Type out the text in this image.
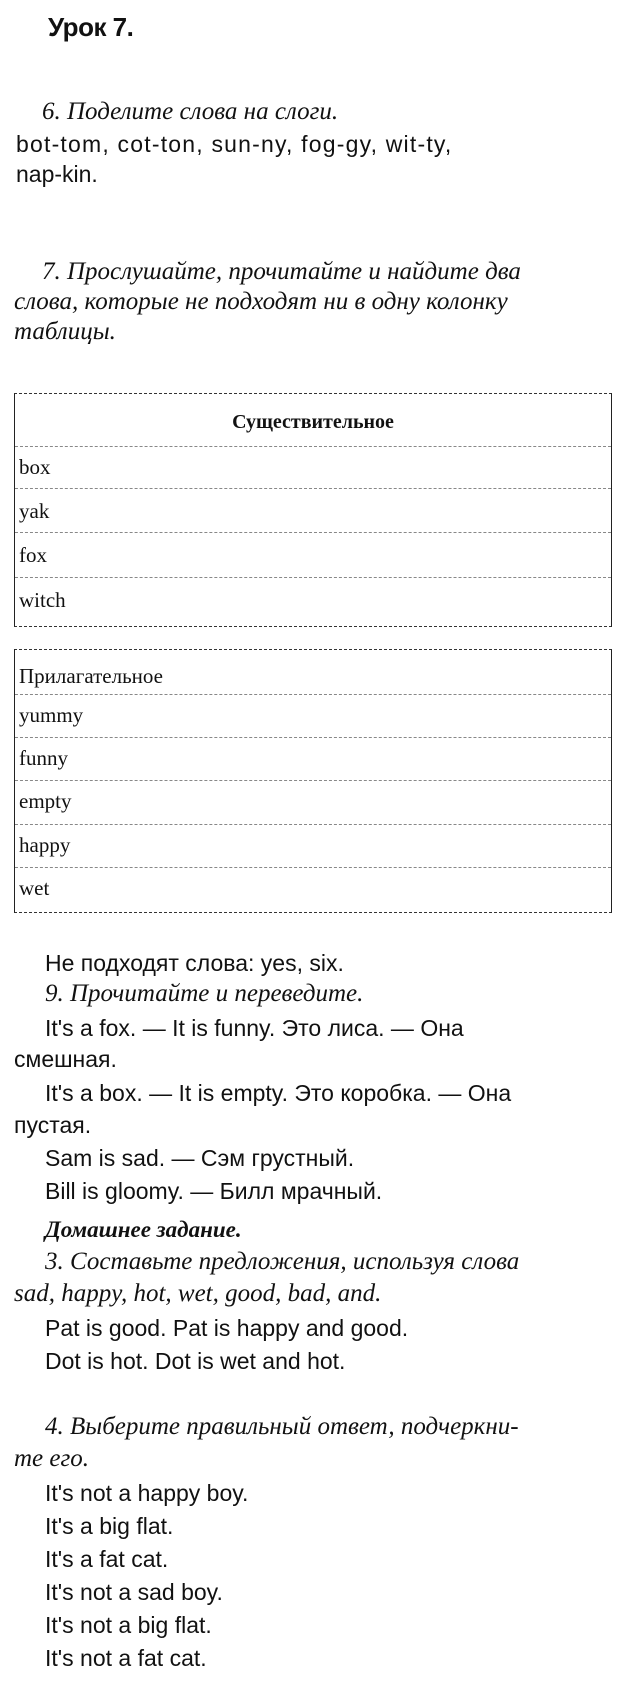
Урок 7.
6. Поделите слова на слоги.
bot-tom, cot-ton, sun-ny, fog-gy, wit-ty,
nap-kin.
7. Прослушайте, прочитайте и найдите два
слова, которые не подходят ни в одну колонку
таблицы.
Существительное
box
yak
fox
witch
Прилагательное
yummy
funny
empty
happy
wet
Не подходят слова: yes, six.
9. Прочитайте и переведите.
It's a fox. — It is funny. Это лиса. — Она
смешная.
It's a box. — It is empty. Это коробка. — Она
пустая.
Sam is sad. — Сэм грустный.
Bill is gloomy. — Билл мрачный.
Домашнее задание.
3. Составьте предложения, используя слова
sad, happy, hot, wet, good, bad, and.
Pat is good. Pat is happy and good.
Dot is hot. Dot is wet and hot.
4. Выберите правильный ответ, подчеркни-
те его.
It's not a happy boy.
It's a big flat.
It's a fat cat.
It's not a sad boy.
It's not a big flat.
It's not a fat cat.
